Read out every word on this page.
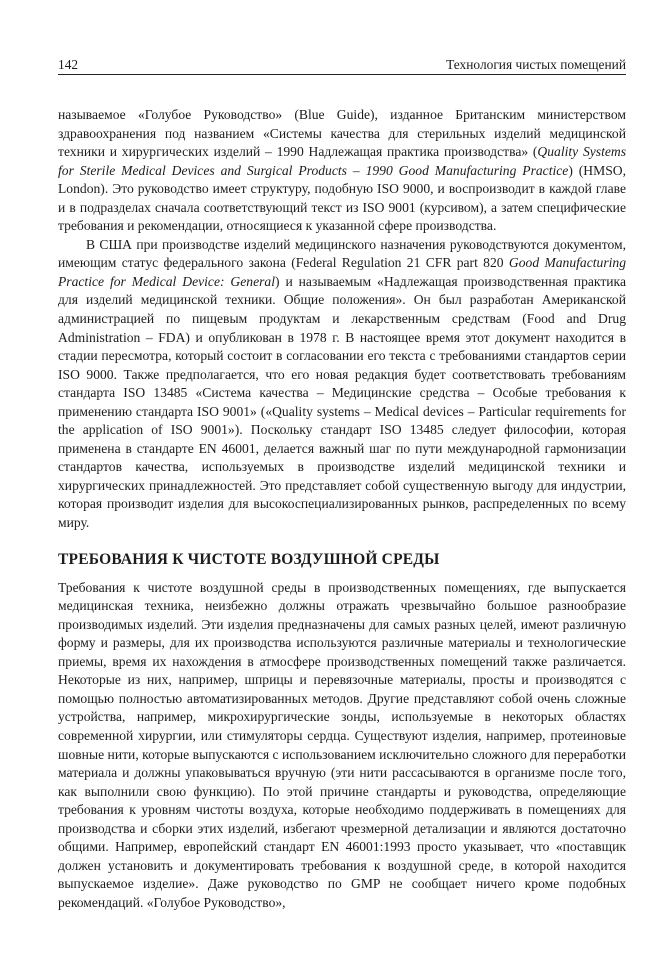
142	Технология чистых помещений

называемое «Голубое Руководство» (Blue Guide), изданное Британским министерством здравоохранения под названием «Системы качества для стерильных изделий медицинской техники и хирургических изделий – 1990 Надлежащая практика производства» (Quality Systems for Sterile Medical Devices and Surgical Products – 1990 Good Manufacturing Practice) (HMSO, London). Это руководство имеет структуру, подобную ISO 9000, и воспроизводит в каждой главе и в подразделах сначала соответствующий текст из ISO 9001 (курсивом), а затем специфические требования и рекомендации, относящиеся к указанной сфере производства.

В США при производстве изделий медицинского назначения руководствуются документом, имеющим статус федерального закона (Federal Regulation 21 CFR part 820 Good Manufacturing Practice for Medical Device: General) и называемым «Надлежащая производственная практика для изделий медицинской техники. Общие положения». Он был разработан Американской администрацией по пищевым продуктам и лекарственным средствам (Food and Drug Administration – FDA) и опубликован в 1978 г. В настоящее время этот документ находится в стадии пересмотра, который состоит в согласовании его текста с требованиями стандартов серии ISO 9000. Также предполагается, что его новая редакция будет соответствовать требованиям стандарта ISO 13485 «Система качества – Медицинские средства – Особые требования к применению стандарта ISO 9001» («Quality systems – Medical devices – Particular requirements for the application of ISO 9001»). Поскольку стандарт ISO 13485 следует философии, которая применена в стандарте EN 46001, делается важный шаг по пути международной гармонизации стандартов качества, используемых в производстве изделий медицинской техники и хирургических принадлежностей. Это представляет собой существенную выгоду для индустрии, которая производит изделия для высокоспециализированных рынков, распределенных по всему миру.

ТРЕБОВАНИЯ К ЧИСТОТЕ ВОЗДУШНОЙ СРЕДЫ

Требования к чистоте воздушной среды в производственных помещениях, где выпускается медицинская техника, неизбежно должны отражать чрезвычайно большое разнообразие производимых изделий. Эти изделия предназначены для самых разных целей, имеют различную форму и размеры, для их производства используются различные материалы и технологические приемы, время их нахождения в атмосфере производственных помещений также различается. Некоторые из них, например, шприцы и перевязочные материалы, просты и производятся с помощью полностью автоматизированных методов. Другие представляют собой очень сложные устройства, например, микрохирургические зонды, используемые в некоторых областях современной хирургии, или стимуляторы сердца. Существуют изделия, например, протеиновые шовные нити, которые выпускаются с использованием исключительно сложного для переработки материала и должны упаковываться вручную (эти нити рассасываются в организме после того, как выполнили свою функцию). По этой причине стандарты и руководства, определяющие требования к уровням чистоты воздуха, которые необходимо поддерживать в помещениях для производства и сборки этих изделий, избегают чрезмерной детализации и являются достаточно общими. Например, европейский стандарт EN 46001:1993 просто указывает, что «поставщик должен установить и документировать требования к воздушной среде, в которой находится выпускаемое изделие». Даже руководство по GMP не сообщает ничего кроме подобных рекомендаций. «Голубое Руководство»,
